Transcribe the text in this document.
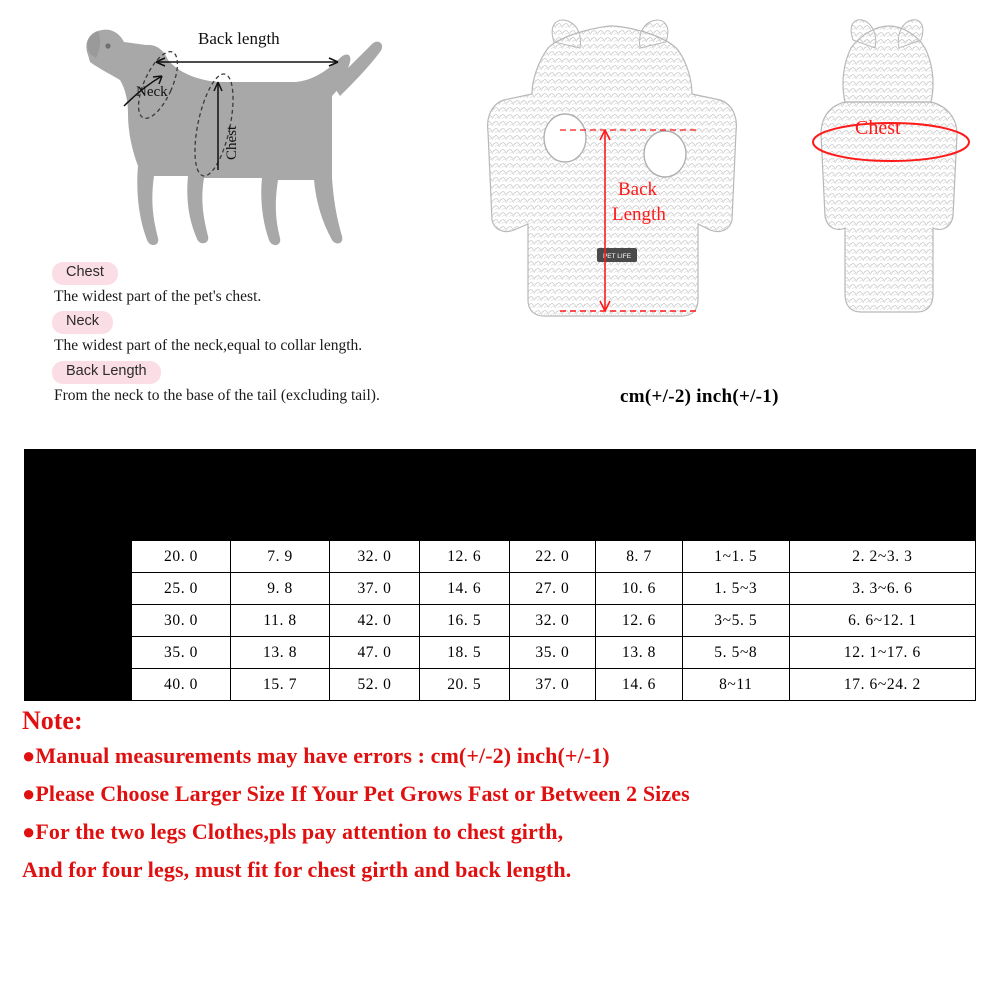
Back length
Neck
Chest
Chest
The widest part of the pet's chest.
Neck
The widest part of the neck,equal to collar length.
Back Length
From the neck to the base of the tail (excluding tail).
PET LIFE
Back
Length
Chest
cm(+/-2) inch(+/-1)
Please strictly follow the size chart to select the size. Do not select directly according your pet habits								
Size	Back Length		Chest Girth		Neck Girth		Suggest Weight	
	cm	inch	cm	inch	cm	inch	kg	lb
XS	20. 0	7. 9	32. 0	12. 6	22. 0	8. 7	1~1. 5	2. 2~3. 3
S	25. 0	9. 8	37. 0	14. 6	27. 0	10. 6	1. 5~3	3. 3~6. 6
M	30. 0	11. 8	42. 0	16. 5	32. 0	12. 6	3~5. 5	6. 6~12. 1
L	35. 0	13. 8	47. 0	18. 5	35. 0	13. 8	5. 5~8	12. 1~17. 6
XL	40. 0	15. 7	52. 0	20. 5	37. 0	14. 6	8~11	17. 6~24. 2
Note:
●Manual measurements may have errors : cm(+/-2) inch(+/-1)
●Please Choose Larger Size If Your Pet Grows Fast or Between 2 Sizes
●For the two legs Clothes,pls pay attention to chest girth,
And for four legs, must fit for chest girth and back length.
